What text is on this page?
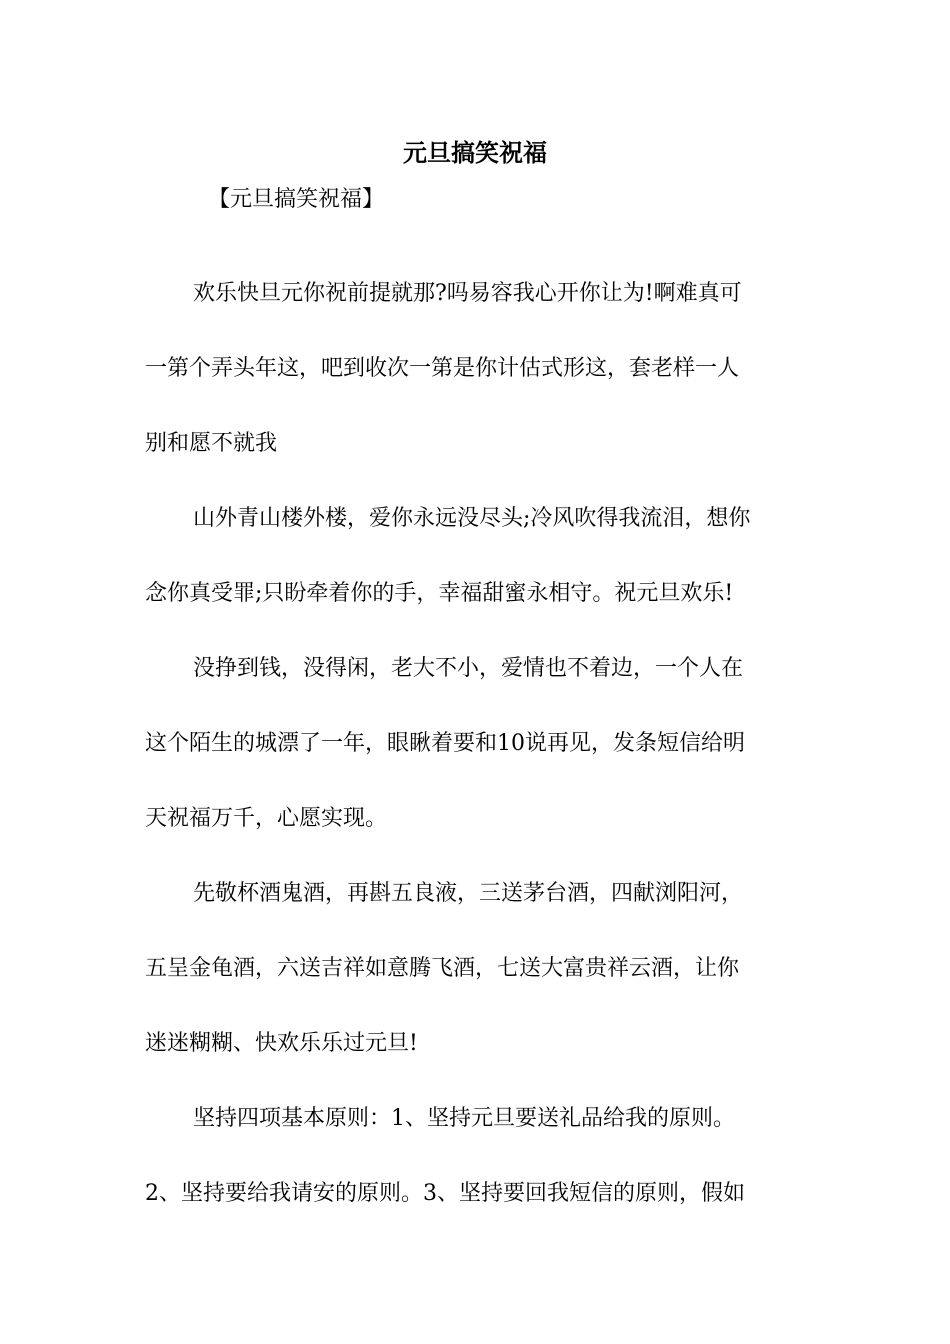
元旦搞笑祝福

【元旦搞笑祝福】

欢乐快旦元你祝前提就那?吗易容我心开你让为!啊难真可
一第个弄头年这，吧到收次一第是你计估式形这，套老样一人
别和愿不就我

山外青山楼外楼，爱你永远没尽头;冷风吹得我流泪，想你
念你真受罪;只盼牵着你的手，幸福甜蜜永相守。祝元旦欢乐!

没挣到钱，没得闲，老大不小，爱情也不着边，一个人在
这个陌生的城漂了一年，眼瞅着要和10说再见，发条短信给明
天祝福万千，心愿实现。

先敬杯酒鬼酒，再斟五良液，三送茅台酒，四献浏阳河，
五呈金龟酒，六送吉祥如意腾飞酒，七送大富贵祥云酒，让你
迷迷糊糊、快欢乐乐过元旦!

坚持四项基本原则：1、坚持元旦要送礼品给我的原则。
2、坚持要给我请安的原则。3、坚持要回我短信的原则，假如
